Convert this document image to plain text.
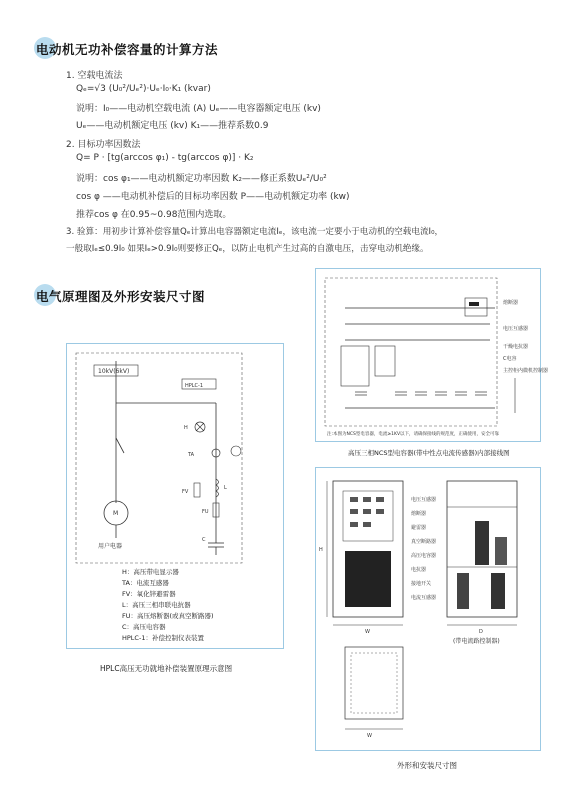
电动机无功补偿容量的计算方法
1. 空载电流法
Qₑ=√3 (U₀²/Uₑ²)·Uₑ·I₀·K₁ (kvar)
说明：I₀——电动机空载电流 (A) Uₑ——电容器额定电压 (kv)
Uₑ——电动机额定电压 (kv) K₁——推荐系数0.9
2. 目标功率因数法
Q= P · [tg(arccos φ₁) - tg(arccos φ)] · K₂
说明：cos φ₁——电动机额定功率因数 K₂——修正系数Uₑ²/U₀²
cos φ ——电动机补偿后的目标功率因数 P——电动机额定功率 (kw)
推荐cos φ 在0.95~0.98范围内选取。
3. 验算：用初步计算补偿容量Qₑ计算出电容器额定电流Iₑ，该电流一定要小于电动机的空载电流I₀，
一般取Iₑ≤0.9I₀ 如果Iₑ>0.9I₀则要修正Qₑ，以防止电机产生过高的自激电压，击穿电动机绝缘。
电气原理图及外形安装尺寸图
10kV(6kV)
M
用户电器
HPLC-1
H
TA
FV
FU
L
C
H：高压带电显示器
TA：电流互感器
FV：氧化锌避雷器
L：高压三相串联电抗器
FU：高压熔断器(或真空断路器)
C：高压电容器
HPLC-1：补偿控制仪表装置
HPLC高压无功就地补偿装置原理示意图
熔断器
电压互感器
干燥电抗器
C电容
主控柜内微机控制器
注:本图为NCS型电容器，电流≥1KV以下，请确保接线的规范度，正确使用，安全可靠
高压三相NCS型电容器(带中性点电流传感器)内部接线图
W
H
D
W
电压互感器
熔断器
避雷器
真空断路器
高压电容器
电抗器
接地开关
电流互感器
(带电流路控制器)
外形和安装尺寸图
